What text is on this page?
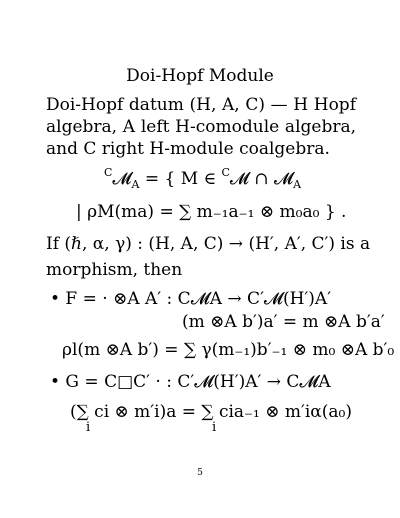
Doi-Hopf Module
Doi-Hopf datum (H, A, C) — H Hopf algebra, A left H-comodule algebra, and C right H-module coalgebra.
$^C$𝓜$_A$ = { M ∈ $^C$𝓜 ∩ 𝓜$_A$
| ρM(ma) = ∑ m₋₁a₋₁ ⊗ m₀a₀ } .
If (ℏ, α, γ) : (H, A, C) → (H′, A′, C′) is a
morphism, then
• F = · ⊗A A′ : C𝓜A → C′𝓜(H′)A′
(m ⊗A b′)a′ = m ⊗A b′a′
ρl(m ⊗A b′) = ∑ γ(m₋₁)b′₋₁ ⊗ m₀ ⊗A b′₀
• G = C□C′ · : C′𝓜(H′)A′ → C𝓜A
(∑ ci ⊗ m′i)a = ∑ cia₋₁ ⊗ m′iα(a₀)
i	i
5
